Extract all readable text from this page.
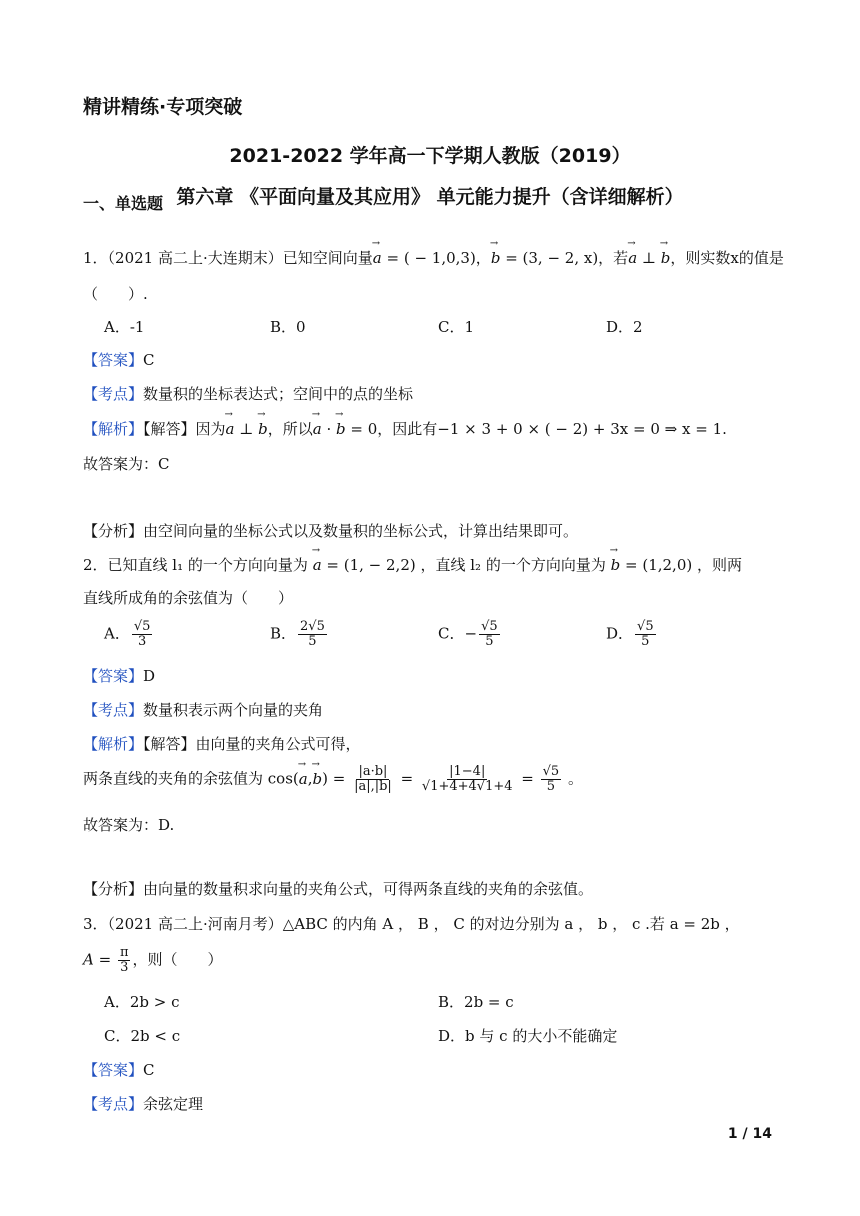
精讲精练·专项突破
2021-2022 学年高一下学期人教版（2019）
第六章 《平面向量及其应用》 单元能力提升（含详细解析）
一、单选题
1．（2021 高二上·大连期末）已知空间向量→ a = ( − 1,0,3)，→ b = (3, − 2, x)，若→ a ⊥ → b，则实数x的值是
（　　）.
A．-1	B．0	C．1	D．2
【答案】C
【考点】数量积的坐标表达式；空间中的点的坐标
【解析】【解答】因为→ a ⊥ → b，所以→ a · → b = 0，因此有−1 × 3 + 0 × ( − 2) + 3x = 0 ⇒ x = 1.
故答案为：C
【分析】由空间向量的坐标公式以及数量积的坐标公式，计算出结果即可。
2．已知直线 l₁ 的一个方向向量为 → a = (1, − 2,2) ，直线 l₂ 的一个方向向量为 → b = (1,2,0) ，则两
直线所成角的余弦值为（　　）
A． $\frac{√5}{3}$	B． $\frac{2√5}{5}$	C．− $\frac{√5}{5}$	D． $\frac{√5}{5}$
【答案】D
【考点】数量积表示两个向量的夹角
【解析】【解答】由向量的夹角公式可得，
两条直线的夹角的余弦值为 $\cos(\to a,\to b) = \frac{|a\cdot b|}{|a|,|b|} = \frac{|1-4|}{√1+4+4√1+4} = \frac{√5}{5}$ 。
故答案为：D.
【分析】由向量的数量积求向量的夹角公式，可得两条直线的夹角的余弦值。
3．（2021 高二上·河南月考）△ABC 的内角 A ， B ， C 的对边分别为 a ， b ， c .若 a = 2b ，
$A = \frac{\pi}{3}$ ，则（　　）
A．2b > c	B．2b = c
C．2b < c	D．b 与 c 的大小不能确定
【答案】C
【考点】余弦定理
1 / 14
